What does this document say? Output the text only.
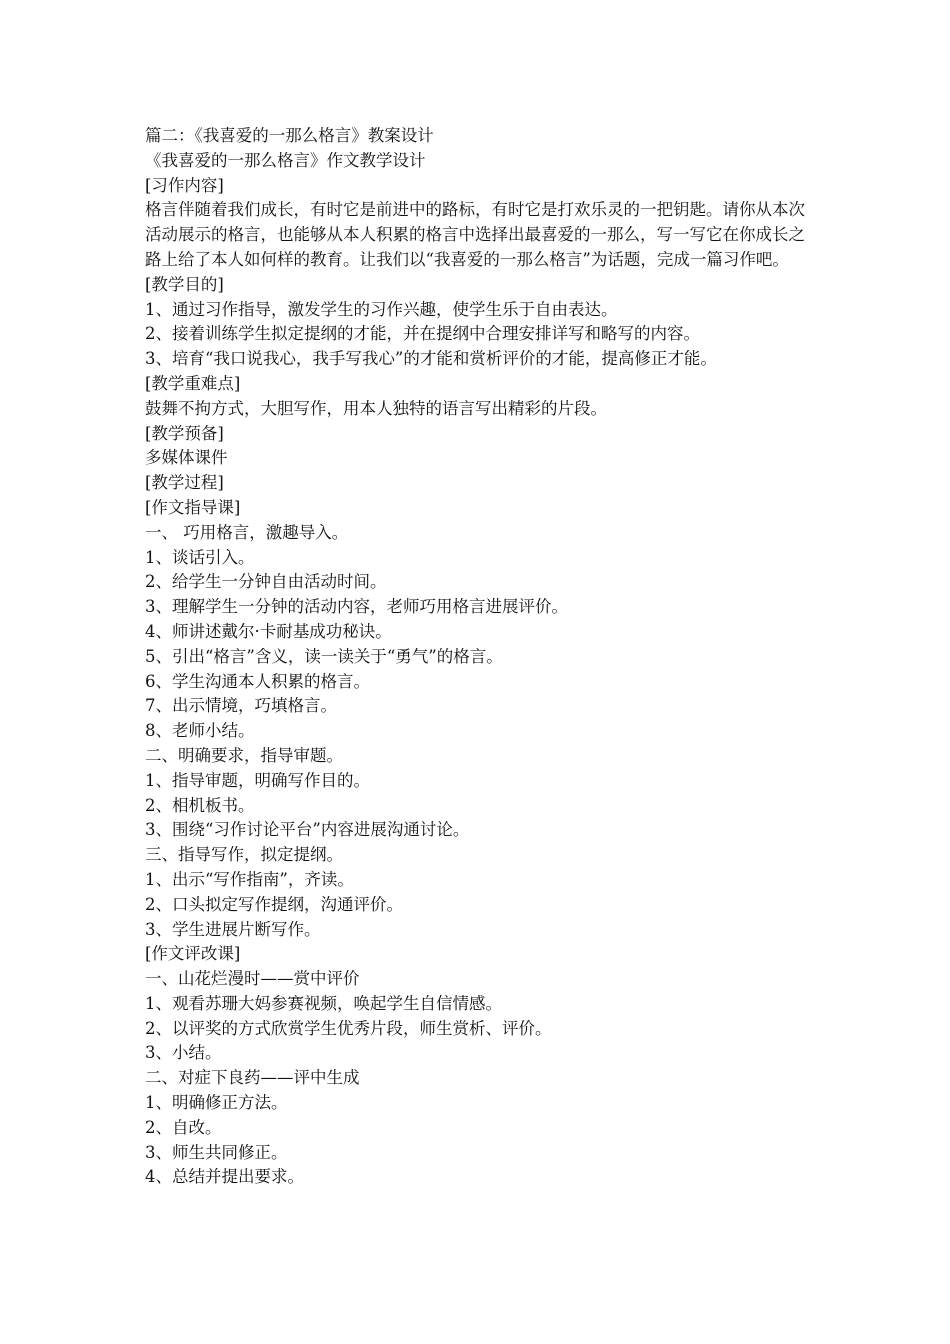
篇二：《我喜爱的一那么格言》教案设计
《我喜爱的一那么格言》作文教学设计
[习作内容]
格言伴随着我们成长，有时它是前进中的路标，有时它是打欢乐灵的一把钥匙。请你从本次活动展示的格言，也能够从本人积累的格言中选择出最喜爱的一那么，写一写它在你成长之路上给了本人如何样的教育。让我们以“我喜爱的一那么格言”为话题，完成一篇习作吧。
[教学目的]
1、通过习作指导，激发学生的习作兴趣，使学生乐于自由表达。
2、接着训练学生拟定提纲的才能，并在提纲中合理安排详写和略写的内容。
3、培育“我口说我心，我手写我心”的才能和赏析评价的才能，提高修正才能。
[教学重难点]
鼓舞不拘方式，大胆写作，用本人独特的语言写出精彩的片段。
[教学预备]
多媒体课件
[教学过程]
[作文指导课]
一、 巧用格言，激趣导入。
1、谈话引入。
2、给学生一分钟自由活动时间。
3、理解学生一分钟的活动内容，老师巧用格言进展评价。
4、师讲述戴尔·卡耐基成功秘诀。
5、引出“格言”含义，读一读关于“勇气”的格言。
6、学生沟通本人积累的格言。
7、出示情境，巧填格言。
8、老师小结。
二、明确要求，指导审题。
1、指导审题，明确写作目的。
2、相机板书。
3、围绕“习作讨论平台”内容进展沟通讨论。
三、指导写作，拟定提纲。
1、出示“写作指南”，齐读。
2、口头拟定写作提纲，沟通评价。
3、学生进展片断写作。
[作文评改课]
一、山花烂漫时——赏中评价
1、观看苏珊大妈参赛视频，唤起学生自信情感。
2、以评奖的方式欣赏学生优秀片段，师生赏析、评价。
3、小结。
二、对症下良药——评中生成
1、明确修正方法。
2、自改。
3、师生共同修正。
4、总结并提出要求。
